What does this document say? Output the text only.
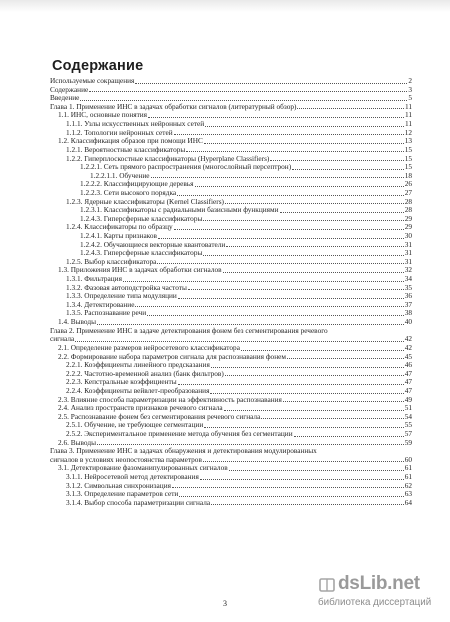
Содержание
Используемые сокращения	2
Содержание	3
Введение	5
Глава 1. Применение ИНС в задачах обработки сигналов (литературный обзор)	11
1.1. ИНС, основные понятия	11
1.1.1. Узлы искусственных нейронных сетей	11
1.1.2. Топологии нейронных сетей	12
1.2. Классификация образов при помощи ИНС	13
1.2.1. Вероятностные классификаторы	15
1.2.2. Гиперплоскостные классификаторы (Hyperplane Classifiers)	15
1.2.2.1. Сеть прямого распространения (многослойный персептрон)	15
1.2.2.1.1. Обучение	18
1.2.2.2. Классифицирующие деревья	26
1.2.2.3. Сети высокого порядка	27
1.2.3. Ядерные классификаторы (Kernel Classifiers)	28
1.2.3.1. Классификаторы с радиальными базисными функциями	28
1.2.4.3. Гиперсферные классификаторы	29
1.2.4. Классификаторы по образцу	29
1.2.4.1. Карты признаков	30
1.2.4.2. Обучающиеся векторные квантователи	31
1.2.4.3. Гиперсферные классификаторы	31
1.2.5. Выбор классификатора	31
1.3. Приложения ИНС в задачах обработки сигналов	32
1.3.1. Фильтрация	34
1.3.2. Фазовая автоподстройка частоты	35
1.3.3. Определение типа модуляции	36
1.3.4. Детектирование	37
1.3.5. Распознавание речи	38
1.4. Выводы	40
Глава 2. Применение ИНС в задаче детектирования фонем без сегментирования речевого
сигнала	42
2.1. Определение размеров нейросетевого классификатора	42
2.2. Формирование набора параметров сигнала для распознавания фонем	45
2.2.1. Коэффициенты линейного предсказания	46
2.2.2. Частотно-временной анализ (банк фильтров)	47
2.2.3. Кепстральные коэффициенты	47
2.2.4. Коэффициенты вейвлет-преобразования	47
2.3. Влияние способа параметризации на эффективность распознавания	49
2.4. Анализ пространств признаков речевого сигнала	51
2.5. Распознавание фонем без сегментирования речевого сигнала	54
2.5.1. Обучение, не требующее сегментации	55
2.5.2. Экспериментальное применение метода обучения без сегментации	57
2.6. Выводы	59
Глава 3. Применение ИНС в задачах обнаружения и детектирования модулированных
сигналов в условиях неопостоянства параметров	60
3.1. Детектирование фазоманипулированных сигналов	61
3.1.1. Нейросетевой метод детектирования	61
3.1.2. Символьная синхронизация	62
3.1.3. Определение параметров сети	63
3.1.4. Выбор способа параметризации сигнала	64
3
dsLib.net
библиотека диссертаций
